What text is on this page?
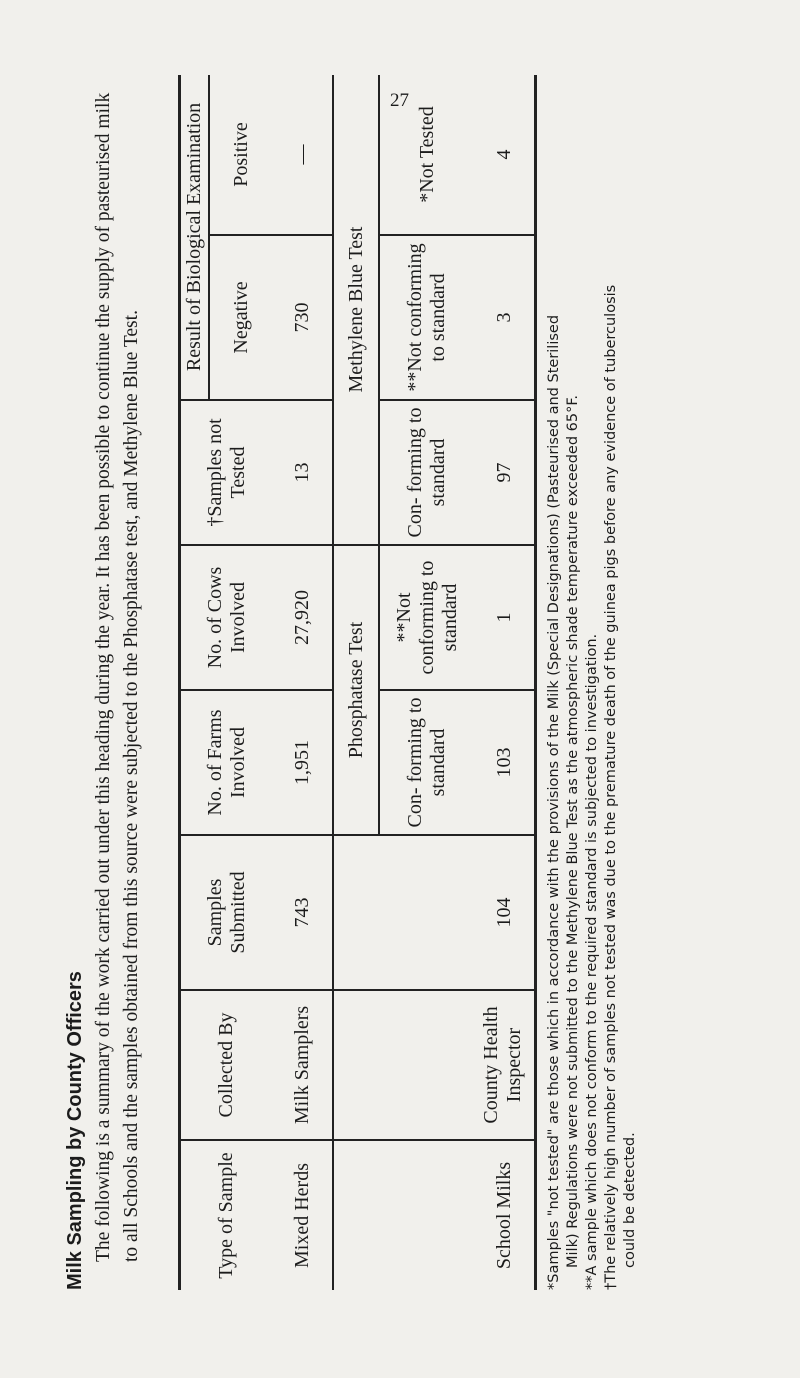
27
Milk Sampling by County Officers The following is a summary of the work carried out under this heading during the year. It has been possible to continue the supply of pasteurised milk to all Schools and the samples obtained from this source were subjected to the Phosphatase test, and Methylene Blue Test.	Type of Sample	Collected By	Samples Submitted	No. of Farms Involved	No. of Cows Involved	†Samples not Tested	Result of Biological Examination	
						Negative	Positive
Mixed Herds	Milk Samplers	743	1,951	27,920	13	730	—
School Milks	County Health Inspector	104	Phosphatase Test		Methylene Blue Test		
			Con- forming to standard	**Not conforming to standard	Con- forming to standard	**Not conforming to standard	*Not Tested
			103	1	97	3	4

*Samples "not tested" are those which in accordance with the provisions of the Milk (Special Designations) (Pasteurised and Sterilised Milk) Regulations were not submitted to the Methylene Blue Test as the atmospheric shade temperature exceeded 65°F. **A sample which does not conform to the required standard is subjected to investigation. †The relatively high number of samples not tested was due to the premature death of the guinea pigs before any evidence of tuberculosis could be detected.
